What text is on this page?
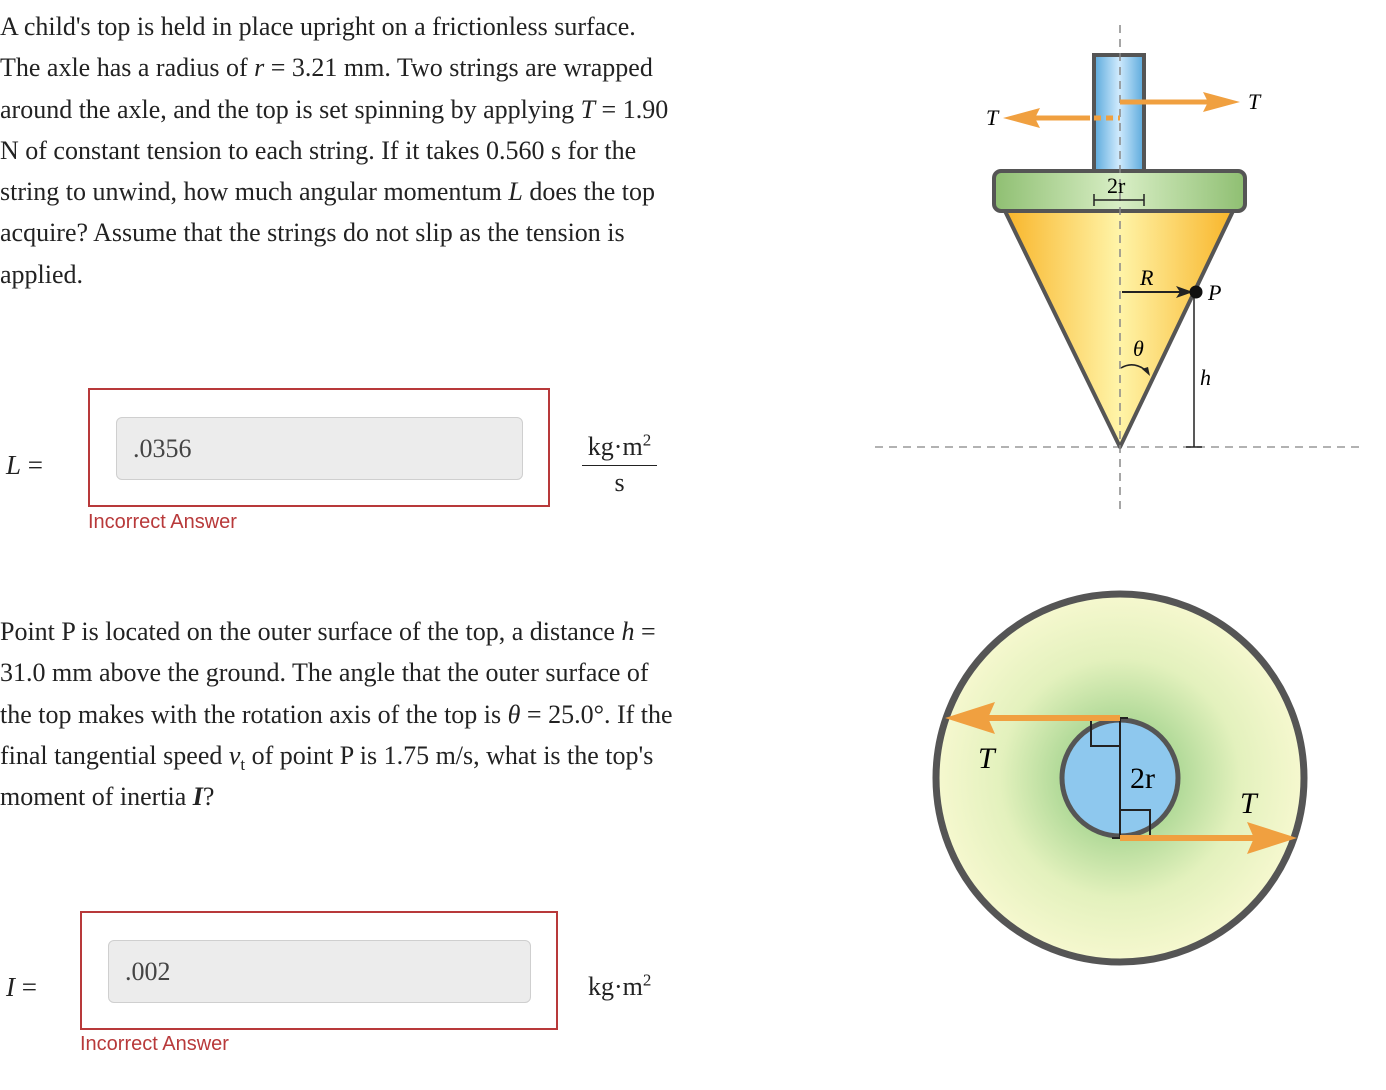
A child's top is held in place upright on a frictionless surface. The axle has a radius of r = 3.21 mm. Two strings are wrapped around the axle, and the top is set spinning by applying T = 1.90 N of constant tension to each string. If it takes 0.560 s for the string to unwind, how much angular momentum L does the top acquire? Assume that the strings do not slip as the tension is applied.
L =
.0356
Incorrect Answer
$\frac{kg\cdot m^2}{s}$
Point P is located on the outer surface of the top, a distance h = 31.0 mm above the ground. The angle that the outer surface of the top makes with the rotation axis of the top is θ = 25.0°. If the final tangential speed $v_t$ of point P is 1.75 m/s, what is the top's moment of inertia I?
I =
.002
Incorrect Answer
$kg\cdot m^2$
T
T
2r
R
P
h
θ
2r
T
T
